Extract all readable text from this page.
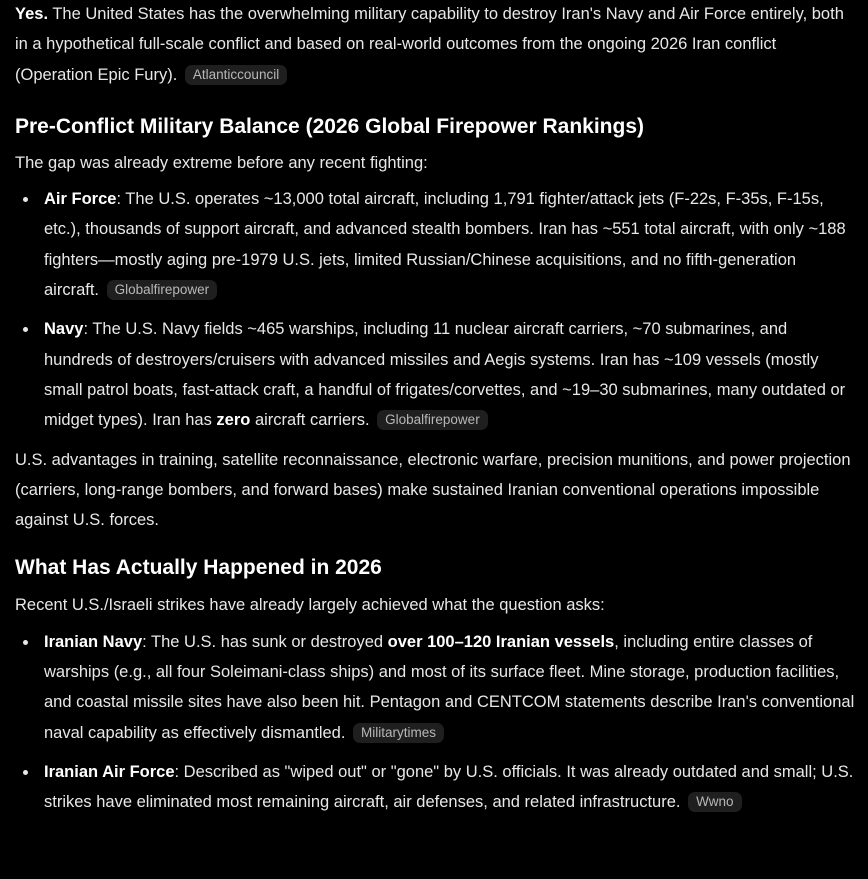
Yes. The United States has the overwhelming military capability to destroy Iran's Navy and Air Force entirely, both in a hypothetical full-scale conflict and based on real-world outcomes from the ongoing 2026 Iran conflict (Operation Epic Fury). Atlanticcouncil

Pre-Conflict Military Balance (2026 Global Firepower Rankings)

The gap was already extreme before any recent fighting:

Air Force: The U.S. operates ~13,000 total aircraft, including 1,791 fighter/attack jets (F-22s, F-35s, F-15s, etc.), thousands of support aircraft, and advanced stealth bombers. Iran has ~551 total aircraft, with only ~188 fighters—mostly aging pre-1979 U.S. jets, limited Russian/Chinese acquisitions, and no fifth-generation aircraft. Globalfirepower
Navy: The U.S. Navy fields ~465 warships, including 11 nuclear aircraft carriers, ~70 submarines, and hundreds of destroyers/cruisers with advanced missiles and Aegis systems. Iran has ~109 vessels (mostly small patrol boats, fast-attack craft, a handful of frigates/corvettes, and ~19–30 submarines, many outdated or midget types). Iran has zero aircraft carriers. Globalfirepower

U.S. advantages in training, satellite reconnaissance, electronic warfare, precision munitions, and power projection (carriers, long-range bombers, and forward bases) make sustained Iranian conventional operations impossible against U.S. forces.

What Has Actually Happened in 2026

Recent U.S./Israeli strikes have already largely achieved what the question asks:

Iranian Navy: The U.S. has sunk or destroyed over 100–120 Iranian vessels, including entire classes of warships (e.g., all four Soleimani-class ships) and most of its surface fleet. Mine storage, production facilities, and coastal missile sites have also been hit. Pentagon and CENTCOM statements describe Iran's conventional naval capability as effectively dismantled. Militarytimes
Iranian Air Force: Described as "wiped out" or "gone" by U.S. officials. It was already outdated and small; U.S. strikes have eliminated most remaining aircraft, air defenses, and related infrastructure. Wwno
